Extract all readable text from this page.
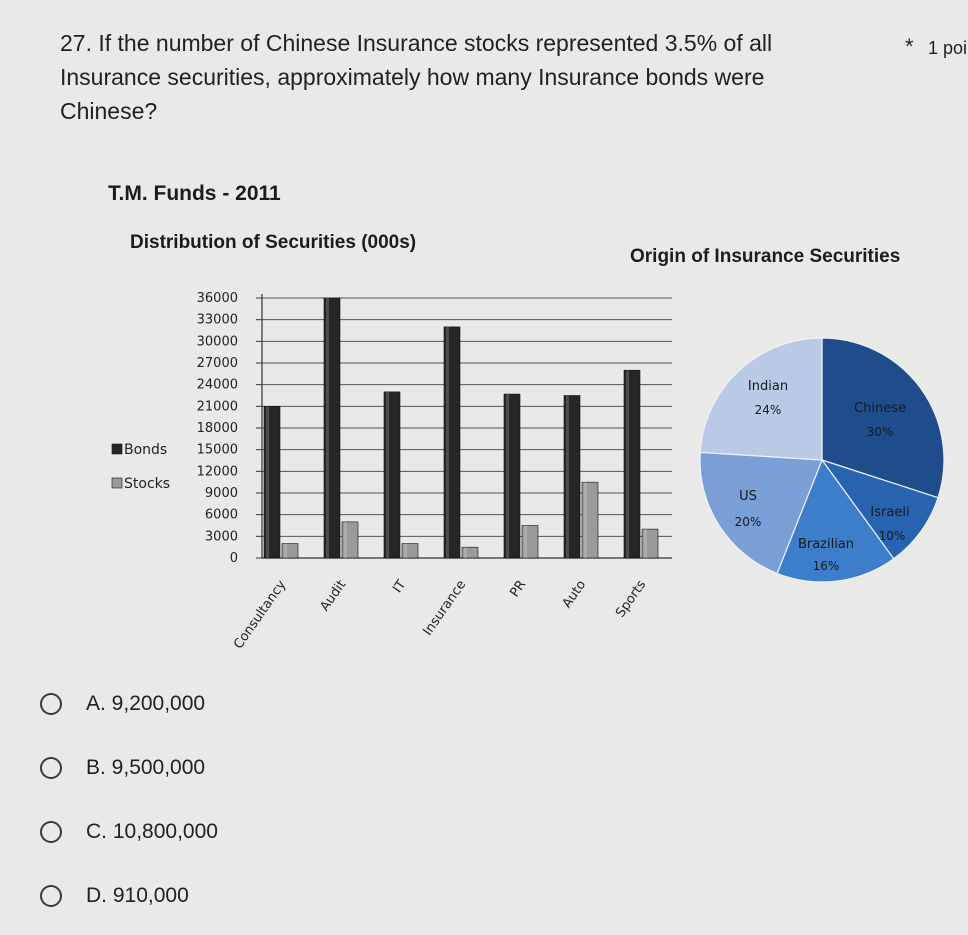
27. If the number of Chinese Insurance stocks represented 3.5% of all Insurance securities, approximately how many Insurance bonds were Chinese?
* 1 poi
T.M. Funds - 2011
Distribution of Securities (000s)
Origin of Insurance Securities
0
3000
6000
9000
12000
15000
18000
21000
24000
27000
30000
33000
36000
Consultancy Audit	IT Insurance	PR Auto Sports
Bonds
Stocks
Chinese
30%
Israeli
10%
Brazilian
16%
US
20%
Indian
24%
A. 9,200,000
B. 9,500,000
C. 10,800,000
D. 910,000
